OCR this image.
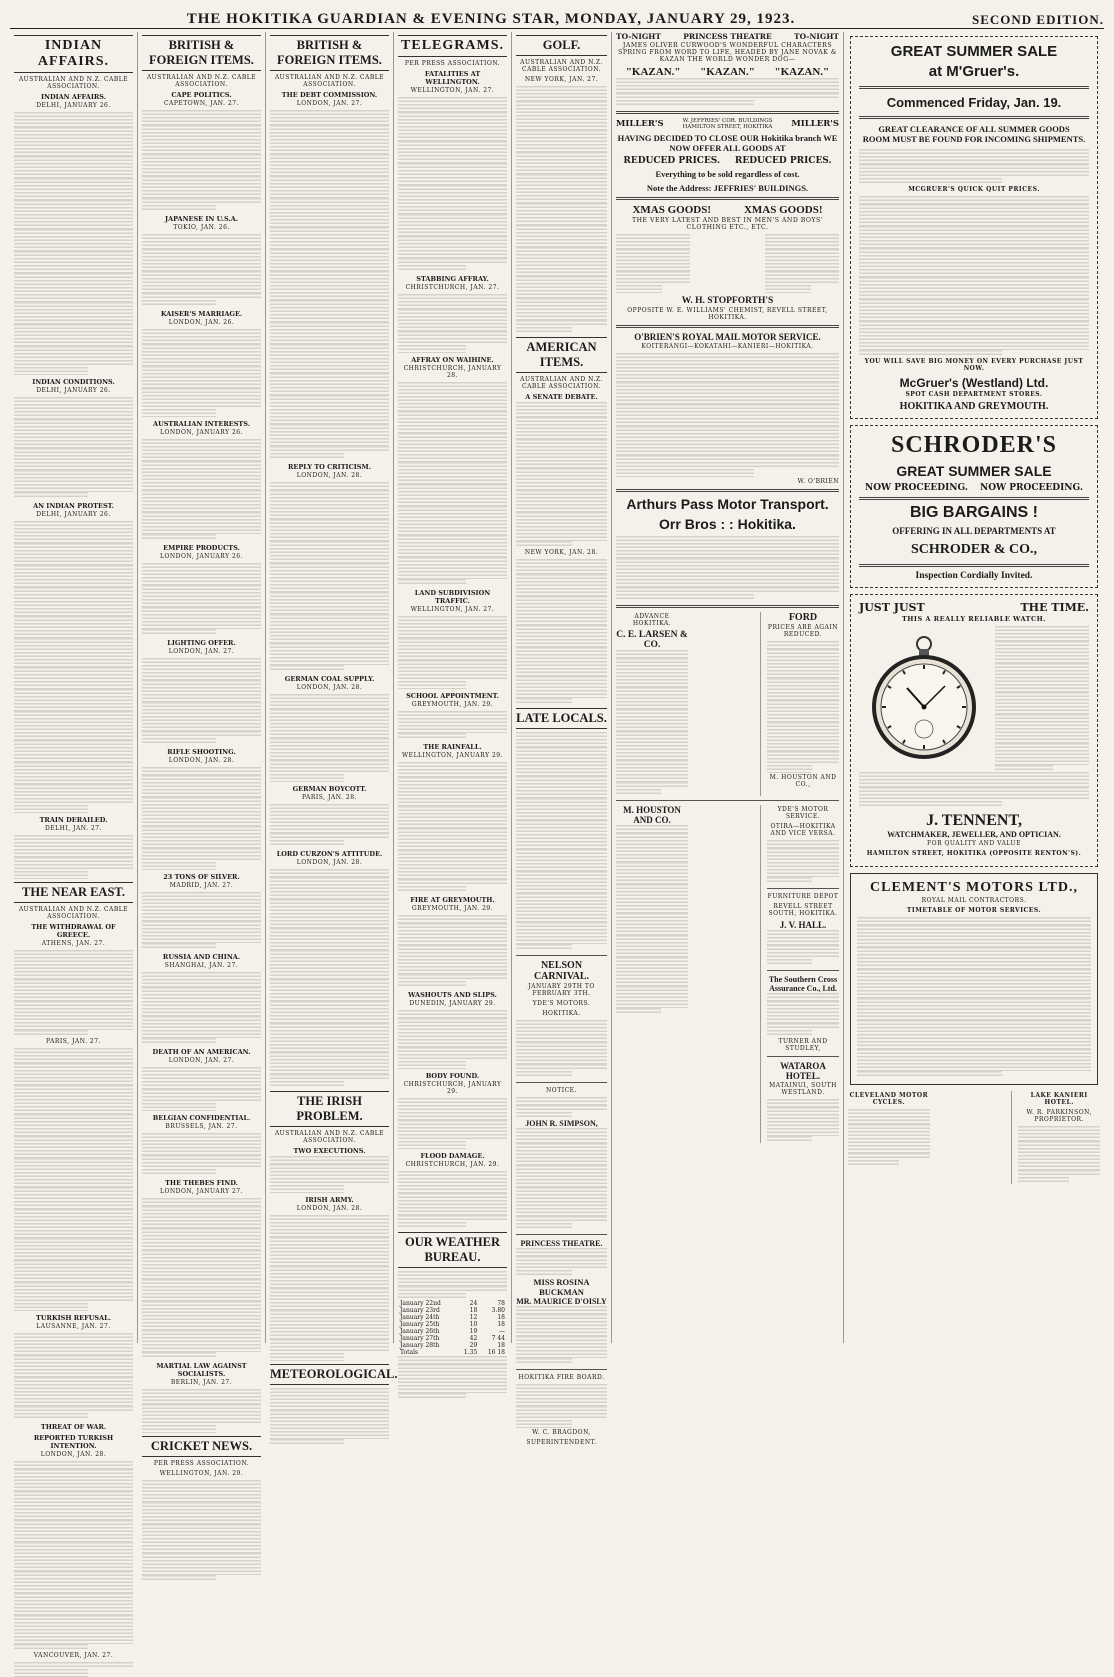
THE HOKITIKA GUARDIAN & EVENING STAR, MONDAY, JANUARY 29, 1923.	SECOND EDITION.
INDIAN AFFAIRS.
AUSTRALIAN AND N.Z. CABLE ASSOCIATION.
INDIAN AFFAIRS.
DELHI, JANUARY 26.
INDIAN CONDITIONS.
DELHI, JANUARY 26.
AN INDIAN PROTEST.
DELHI, JANUARY 26.
TRAIN DERAILED.
DELHI, JAN. 27.
THE NEAR EAST.
AUSTRALIAN AND N.Z. CABLE ASSOCIATION.
THE WITHDRAWAL OF GREECE.
ATHENS, JAN. 27.
PARIS, JAN. 27.
TURKISH REFUSAL.
LAUSANNE, JAN. 27.
THREAT OF WAR.
REPORTED TURKISH INTENTION.
LONDON, JAN. 28.
VANCOUVER, JAN. 27.
BRITISH & FOREIGN ITEMS.
AUSTRALIAN AND N.Z. CABLE ASSOCIATION.
CAPE POLITICS.
CAPETOWN, JAN. 27.
JAPANESE IN U.S.A.
TOKIO, JAN. 26.
KAISER'S MARRIAGE.
LONDON, JAN. 26.
AUSTRALIAN INTERESTS.
LONDON, JANUARY 26.
EMPIRE PRODUCTS.
LONDON, JANUARY 26.
LIGHTING OFFER.
LONDON, JAN. 27.
RIFLE SHOOTING.
LONDON, JAN. 28.
23 TONS OF SILVER.
MADRID, JAN. 27.
RUSSIA AND CHINA.
SHANGHAI, JAN. 27.
DEATH OF AN AMERICAN.
LONDON, JAN. 27.
BELGIAN CONFIDENTIAL.
BRUSSELS, JAN. 27.
THE THEBES FIND.
LONDON, JANUARY 27.
MARTIAL LAW AGAINST SOCIALISTS.
BERLIN, JAN. 27.
CRICKET NEWS.
PER PRESS ASSOCIATION.
WELLINGTON, JAN. 29.
BRITISH & FOREIGN ITEMS.
AUSTRALIAN AND N.Z. CABLE ASSOCIATION.
THE DEBT COMMISSION.
LONDON, JAN. 27.
REPLY TO CRITICISM.
LONDON, JAN. 28.
GERMAN COAL SUPPLY.
LONDON, JAN. 28.
GERMAN BOYCOTT.
PARIS, JAN. 28.
LORD CURZON'S ATTITUDE.
LONDON, JAN. 28.
THE IRISH PROBLEM.
AUSTRALIAN AND N.Z. CABLE ASSOCIATION.
TWO EXECUTIONS.
IRISH ARMY.
LONDON, JAN. 28.
METEOROLOGICAL.
TELEGRAMS.
PER PRESS ASSOCIATION.
FATALITIES AT WELLINGTON.
WELLINGTON, JAN. 27.
STABBING AFFRAY.
CHRISTCHURCH, JAN. 27.
AFFRAY ON WAIHINE.
CHRISTCHURCH, JANUARY 28.
LAND SUBDIVISION TRAFFIC.
WELLINGTON, JAN. 27.
SCHOOL APPOINTMENT.
GREYMOUTH, JAN. 29.
THE RAINFALL.
WELLINGTON, JANUARY 29.
FIRE AT GREYMOUTH.
GREYMOUTH, JAN. 29.
WASHOUTS AND SLIPS.
DUNEDIN, JANUARY 29.
BODY FOUND.
CHRISTCHURCH, JANUARY 29.
FLOOD DAMAGE.
CHRISTCHURCH, JAN. 29.
OUR WEATHER BUREAU.
January 22nd	24	78
January 23rd	18	3.80
January 24th	12	18
January 25th	10	18
January 26th	19	—
January 27th	42	7 44
January 28th	29	18
Totals	1.35	16 18
GOLF.
AUSTRALIAN AND N.Z. CABLE ASSOCIATION.
NEW YORK, JAN. 27.
AMERICAN ITEMS.
AUSTRALIAN AND N.Z. CABLE ASSOCIATION.
A SENATE DEBATE.
NEW YORK, JAN. 28.
LATE LOCALS.
NELSON CARNIVAL.
JANUARY 29TH TO FEBRUARY 3TH.
YDE'S MOTORS.
HOKITIKA.
NOTICE.
JOHN R. SIMPSON,
PRINCESS THEATRE.
MISS ROSINA BUCKMAN
MR. MAURICE D'OISLY
HOKITIKA FIRE BOARD.
W. C. BRAGDON,
SUPERINTENDENT.
TO-NIGHT	PRINCESS THEATRE	TO-NIGHT
JAMES OLIVER CURWOOD'S WONDERFUL CHARACTERS SPRING FROM WORD TO LIFE, HEADED BY JANE NOVAK & KAZAN THE WORLD WONDER DOG—
"KAZAN." "KAZAN." "KAZAN."
MILLER'S	W. JEFFRIES' COR. BUILDINGS HAMILTON STREET, HOKITIKA	MILLER'S
HAVING DECIDED TO CLOSE OUR Hokitika branch WE NOW OFFER ALL GOODS AT
REDUCED PRICES. REDUCED PRICES.
Everything to be sold regardless of cost.
Note the Address: JEFFRIES' BUILDINGS.
XMAS GOODS!	XMAS GOODS!
THE VERY LATEST AND BEST IN MEN'S AND BOYS' CLOTHING ETC., ETC.
W. H. STOPFORTH'S
OPPOSITE W. E. WILLIAMS' CHEMIST, REVELL STREET, HOKITIKA.
O'BRIEN'S ROYAL MAIL MOTOR SERVICE.
KOITERANGI—KOKATAHI—KANIERI—HOKITIKA.
W. O'BRIEN
Arthurs Pass Motor Transport.
Orr Bros : : Hokitika.
ADVANCE HOKITIKA.
C. E. LARSEN & CO.
FORD
PRICES ARE AGAIN REDUCED.
M. HOUSTON AND CO.,
M. HOUSTON AND CO.
YDE'S MOTOR SERVICE.
OTIRA—HOKITIKA AND VICE VERSA.
FURNITURE DEPOT
REVELL STREET SOUTH, HOKITIKA.
J. V. HALL.
The Southern Cross Assurance Co., Ltd.
TURNER AND STUDLEY,
WATAROA HOTEL.
MATAINUI, SOUTH WESTLAND.
GREAT SUMMER SALE
at M'Gruer's.
Commenced Friday, Jan. 19.
GREAT CLEARANCE OF ALL SUMMER GOODS
ROOM MUST BE FOUND FOR INCOMING SHIPMENTS.
MCGRUER'S QUICK QUIT PRICES.
YOU WILL SAVE BIG MONEY ON EVERY PURCHASE JUST NOW.
McGruer's (Westland) Ltd.
SPOT CASH DEPARTMENT STORES.
HOKITIKA AND GREYMOUTH.
SCHRODER'S
GREAT SUMMER SALE
NOW PROCEEDING. NOW PROCEEDING.
BIG BARGAINS !
OFFERING IN ALL DEPARTMENTS AT
SCHRODER & CO.,
Inspection Cordially Invited.
JUST JUST	THE TIME.
THIS A REALLY RELIABLE WATCH.
J. TENNENT,
WATCHMAKER, JEWELLER, AND OPTICIAN.
FOR QUALITY AND VALUE
HAMILTON STREET, HOKITIKA (OPPOSITE RENTON'S).
CLEMENT'S MOTORS LTD.,
ROYAL MAIL CONTRACTORS.
TIMETABLE OF MOTOR SERVICES.
CLEVELAND MOTOR CYCLES.
LAKE KANIERI HOTEL.
W. R. PARKINSON, PROPRIETOR.
